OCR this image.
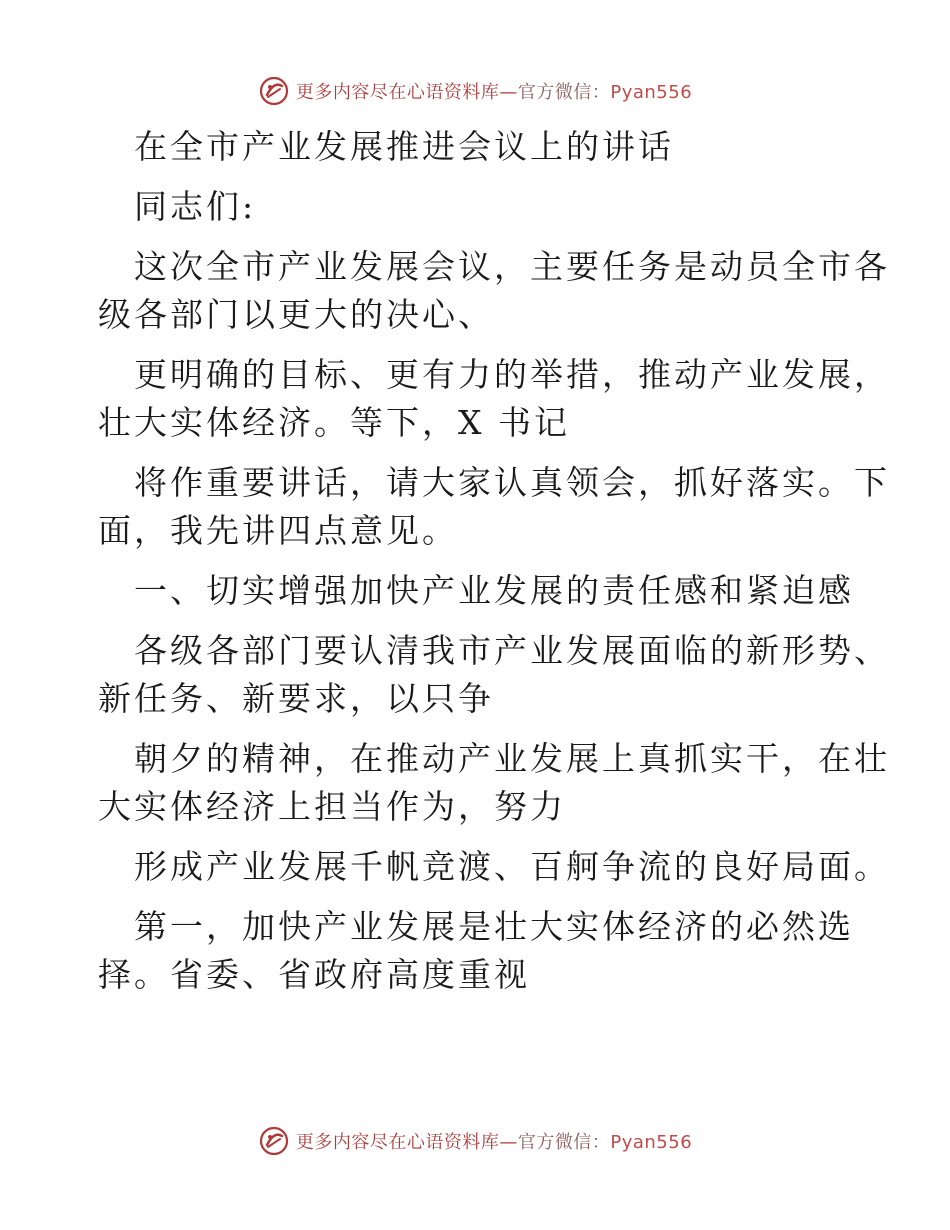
更多内容尽在心语资料库—官方微信：Pyan556
在全市产业发展推进会议上的讲话
同志们:
这次全市产业发展会议，主要任务是动员全市各
级各部门以更大的决心、
更明确的目标、更有力的举措，推动产业发展，
壮大实体经济。等下，X 书记
将作重要讲话，请大家认真领会，抓好落实。下
面，我先讲四点意见。
一、切实增强加快产业发展的责任感和紧迫感
各级各部门要认清我市产业发展面临的新形势、
新任务、新要求，以只争
朝夕的精神，在推动产业发展上真抓实干，在壮
大实体经济上担当作为，努力
形成产业发展千帆竞渡、百舸争流的良好局面。
第一，加快产业发展是壮大实体经济的必然选
择。省委、省政府高度重视
更多内容尽在心语资料库—官方微信：Pyan556
